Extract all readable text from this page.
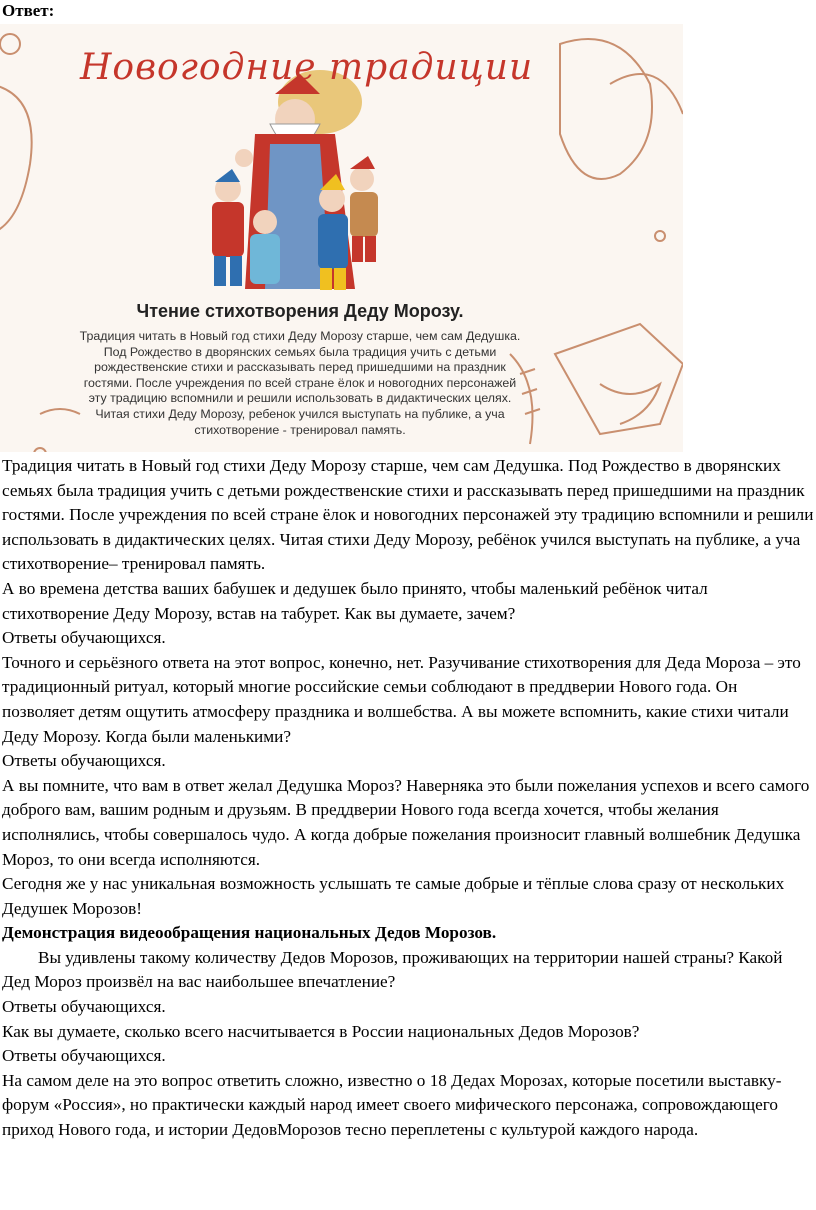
Ответ:
Новогодние традиции
Чтение стихотворения Деду Морозу.
Традиция читать в Новый год стихи Деду Морозу старше, чем сам Дедушка. Под Рождество в дворянских семьях была традиция учить с детьми рождественские стихи и рассказывать перед пришедшими на праздник гостями. После учреждения по всей стране ёлок и новогодних персонажей эту традицию вспомнили и решили использовать в дидактических целях. Читая стихи Деду Морозу, ребенок учился выступать на публике, а уча стихотворение - тренировал память.

Традиция читать в Новый год стихи Деду Морозу старше, чем сам Дедушка. Под Рождество в дворянских семьях была традиция учить с детьми рождественские стихи и рассказывать перед пришедшими на праздник гостями. После учреждения по всей стране ёлок и новогодних персонажей эту традицию вспомнили и решили использовать в дидактических целях. Читая стихи Деду Морозу, ребёнок учился выступать на публике, а уча стихотворение– тренировал память.

А во времена детства ваших бабушек и дедушек было принято, чтобы маленький ребёнок читал стихотворение Деду Морозу, встав на табурет. Как вы думаете, зачем?

Ответы обучающихся.

Точного и серьёзного ответа на этот вопрос, конечно, нет. Разучивание стихотворения для Деда Мороза – это традиционный ритуал, который многие российские семьи соблюдают в преддверии Нового года. Он позволяет детям ощутить атмосферу праздника и волшебства. А вы можете вспомнить, какие стихи читали Деду Морозу. Когда были маленькими?

Ответы обучающихся.

А вы помните, что вам в ответ желал Дедушка Мороз? Наверняка это были пожелания успехов и всего самого доброго вам, вашим родным и друзьям. В преддверии Нового года всегда хочется, чтобы желания исполнялись, чтобы совершалось чудо. А когда добрые пожелания произносит главный волшебник Дедушка Мороз, то они всегда исполняются.

Сегодня же у нас уникальная возможность услышать те самые добрые и тёплые слова сразу от нескольких Дедушек Морозов!

Демонстрация видеообращения национальных Дедов Морозов.

Вы удивлены такому количеству Дедов Морозов, проживающих на территории нашей страны? Какой Дед Мороз произвёл на вас наибольшее впечатление?

Ответы обучающихся.

Как вы думаете, сколько всего насчитывается в России национальных Дедов Морозов?

Ответы обучающихся.

На самом деле на это вопрос ответить сложно, известно о 18 Дедах Морозах, которые посетили выставку-форум «Россия», но практически каждый народ имеет своего мифического персонажа, сопровождающего приход Нового года, и истории ДедовМорозов тесно переплетены с культурой каждого народа.
